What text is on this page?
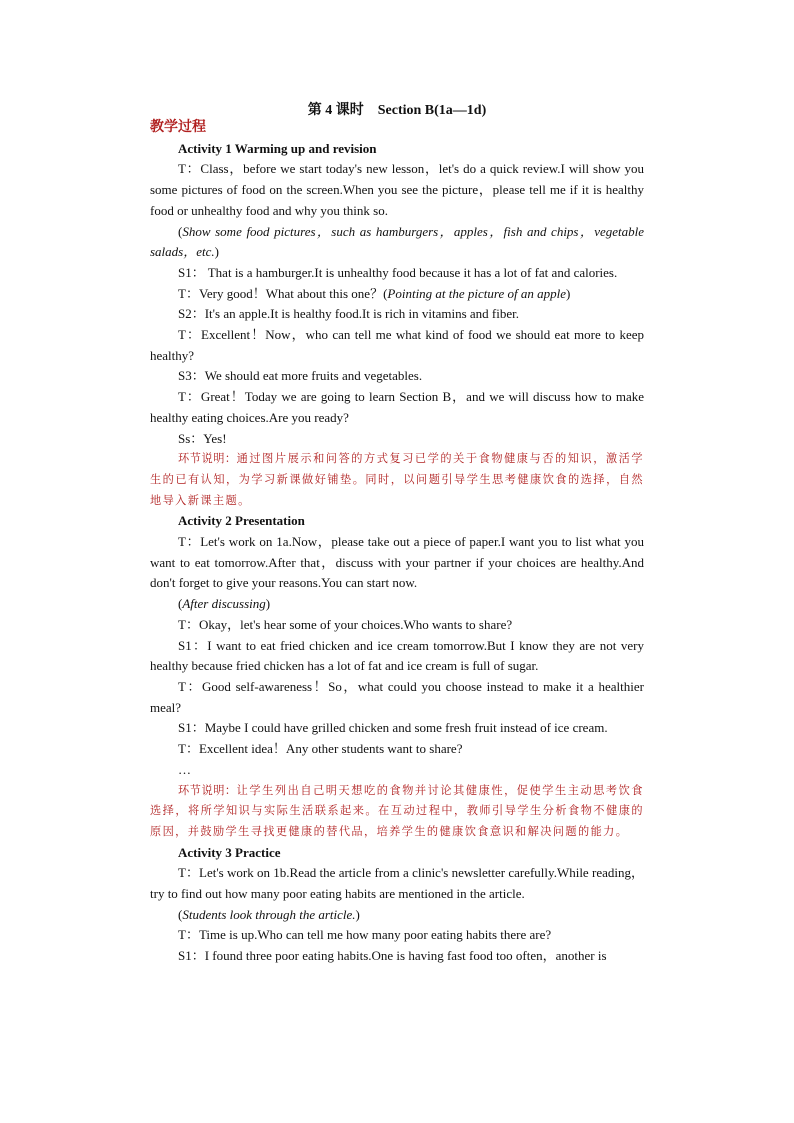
第 4 课时    Section B(1a—1d)
教学过程
Activity 1 Warming up and revision
T：Class，before we start today's new lesson，let's do a quick review.I will show you some pictures of food on the screen.When you see the picture，please tell me if it is healthy food or unhealthy food and why you think so.
(Show some food pictures，such as hamburgers，apples，fish and chips，vegetable salads，etc.)
S1： That is a hamburger.It is unhealthy food because it has a lot of fat and calories.
T：Very good！What about this one？(Pointing at the picture of an apple)
S2：It's an apple.It is healthy food.It is rich in vitamins and fiber.
T：Excellent！Now，who can tell me what kind of food we should eat more to keep healthy?
S3：We should eat more fruits and vegetables.
T：Great！Today we are going to learn Section B，and we will discuss how to make healthy eating choices.Are you ready?
Ss：Yes!
环节说明：通过图片展示和问答的方式复习已学的关于食物健康与否的知识，激活学生的已有认知，为学习新课做好铺垫。同时，以问题引导学生思考健康饮食的选择，自然地导入新课主题。
Activity 2 Presentation
T：Let's work on 1a.Now，please take out a piece of paper.I want you to list what you want to eat tomorrow.After that，discuss with your partner if your choices are healthy.And don't forget to give your reasons.You can start now.
(After discussing)
T：Okay，let's hear some of your choices.Who wants to share?
S1：I want to eat fried chicken and ice cream tomorrow.But I know they are not very healthy because fried chicken has a lot of fat and ice cream is full of sugar.
T：Good self-awareness！So，what could you choose instead to make it a healthier meal?
S1：Maybe I could have grilled chicken and some fresh fruit instead of ice cream.
T：Excellent idea！Any other students want to share?
…
环节说明：让学生列出自己明天想吃的食物并讨论其健康性，促使学生主动思考饮食选择，将所学知识与实际生活联系起来。在互动过程中，教师引导学生分析食物不健康的原因，并鼓励学生寻找更健康的替代品，培养学生的健康饮食意识和解决问题的能力。
Activity 3 Practice
T：Let's work on 1b.Read the article from a clinic's newsletter carefully.While reading，try to find out how many poor eating habits are mentioned in the article.
(Students look through the article.)
T：Time is up.Who can tell me how many poor eating habits there are?
S1：I found three poor eating habits.One is having fast food too often，another is
